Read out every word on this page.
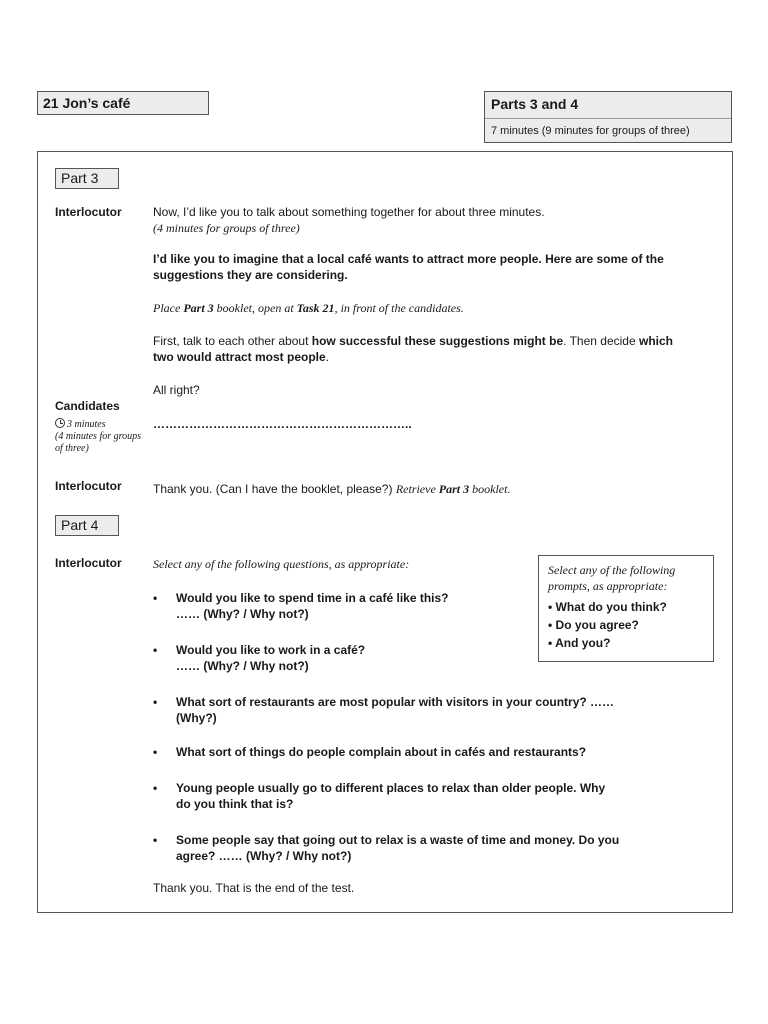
21 Jon’s café	Parts 3 and 4
7 minutes (9 minutes for groups of three)
Part 3
Interlocutor	Now, I’d like you to talk about something together for about three minutes.
(4 minutes for groups of three)
I’d like you to imagine that a local café wants to attract more people. Here are some of the suggestions they are considering.
Place Part 3 booklet, open at Task 21, in front of the candidates.
First, talk to each other about how successful these suggestions might be. Then decide which two would attract most people.
All right?
Candidates
3 minutes
(4 minutes for groups of three)
………………………………………………………..
Interlocutor	Thank you. (Can I have the booklet, please?) Retrieve Part 3 booklet.
Part 4
Interlocutor	Select any of the following questions, as appropriate:
• Would you like to spend time in a café like this?
…… (Why? / Why not?)
• Would you like to work in a café?
…… (Why? / Why not?)
• What sort of restaurants are most popular with visitors in your country? ……
(Why?)
• What sort of things do people complain about in cafés and restaurants?
• Young people usually go to different places to relax than older people. Why
do you think that is?
• Some people say that going out to relax is a waste of time and money. Do you
agree? …… (Why? / Why not?)
Thank you. That is the end of the test.
Select any of the following
prompts, as appropriate:
• What do you think?
• Do you agree?
• And you?
